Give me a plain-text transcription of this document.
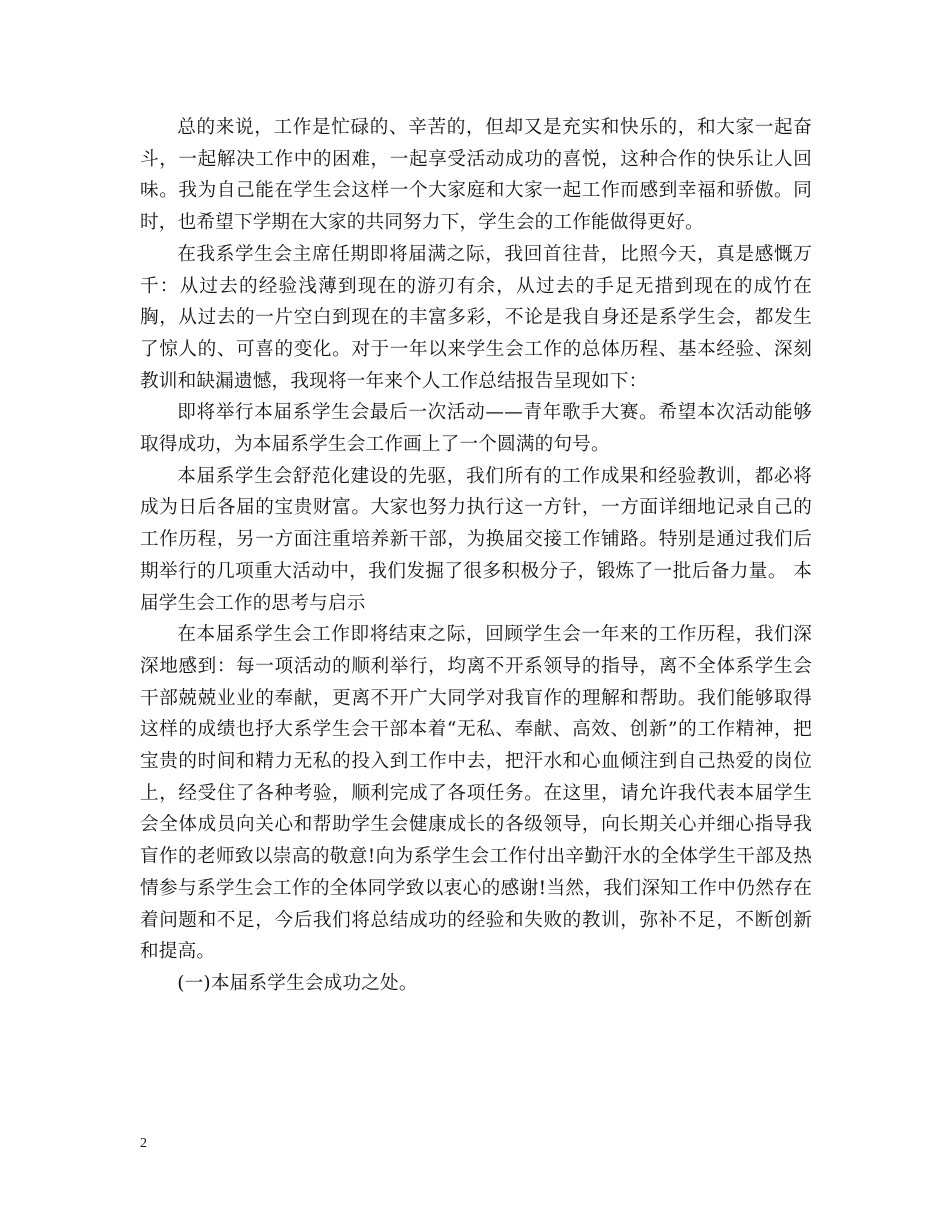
总的来说，工作是忙碌的、辛苦的，但却又是充实和快乐的，和大家一起奋斗，一起解决工作中的困难，一起享受活动成功的喜悦，这种合作的快乐让人回味。我为自己能在学生会这样一个大家庭和大家一起工作而感到幸福和骄傲。同时，也希望下学期在大家的共同努力下，学生会的工作能做得更好。

在我系学生会主席任期即将届满之际，我回首往昔，比照今天，真是感慨万千：从过去的经验浅薄到现在的游刃有余，从过去的手足无措到现在的成竹在胸，从过去的一片空白到现在的丰富多彩，不论是我自身还是系学生会，都发生了惊人的、可喜的变化。对于一年以来学生会工作的总体历程、基本经验、深刻教训和缺漏遗憾，我现将一年来个人工作总结报告呈现如下：

即将举行本届系学生会最后一次活动——青年歌手大赛。希望本次活动能够取得成功，为本届系学生会工作画上了一个圆满的句号。

本届系学生会舒范化建设的先驱，我们所有的工作成果和经验教训，都必将成为日后各届的宝贵财富。大家也努力执行这一方针，一方面详细地记录自己的工作历程，另一方面注重培养新干部，为换届交接工作铺路。特别是通过我们后期举行的几项重大活动中，我们发掘了很多积极分子，锻炼了一批后备力量。 本届学生会工作的思考与启示

在本届系学生会工作即将结束之际，回顾学生会一年来的工作历程，我们深深地感到：每一项活动的顺利举行，均离不开系领导的指导，离不全体系学生会干部兢兢业业的奉献，更离不开广大同学对我盲作的理解和帮助。我们能够取得这样的成绩也抒大系学生会干部本着“无私、奉献、高效、创新”的工作精神，把宝贵的时间和精力无私的投入到工作中去，把汗水和心血倾注到自己热爱的岗位上，经受住了各种考验，顺利完成了各项任务。在这里，请允许我代表本届学生会全体成员向关心和帮助学生会健康成长的各级领导，向长期关心并细心指导我盲作的老师致以崇高的敬意!向为系学生会工作付出辛勤汗水的全体学生干部及热情参与系学生会工作的全体同学致以衷心的感谢!当然，我们深知工作中仍然存在着问题和不足，今后我们将总结成功的经验和失败的教训，弥补不足，不断创新和提高。

(一)本届系学生会成功之处。

2
